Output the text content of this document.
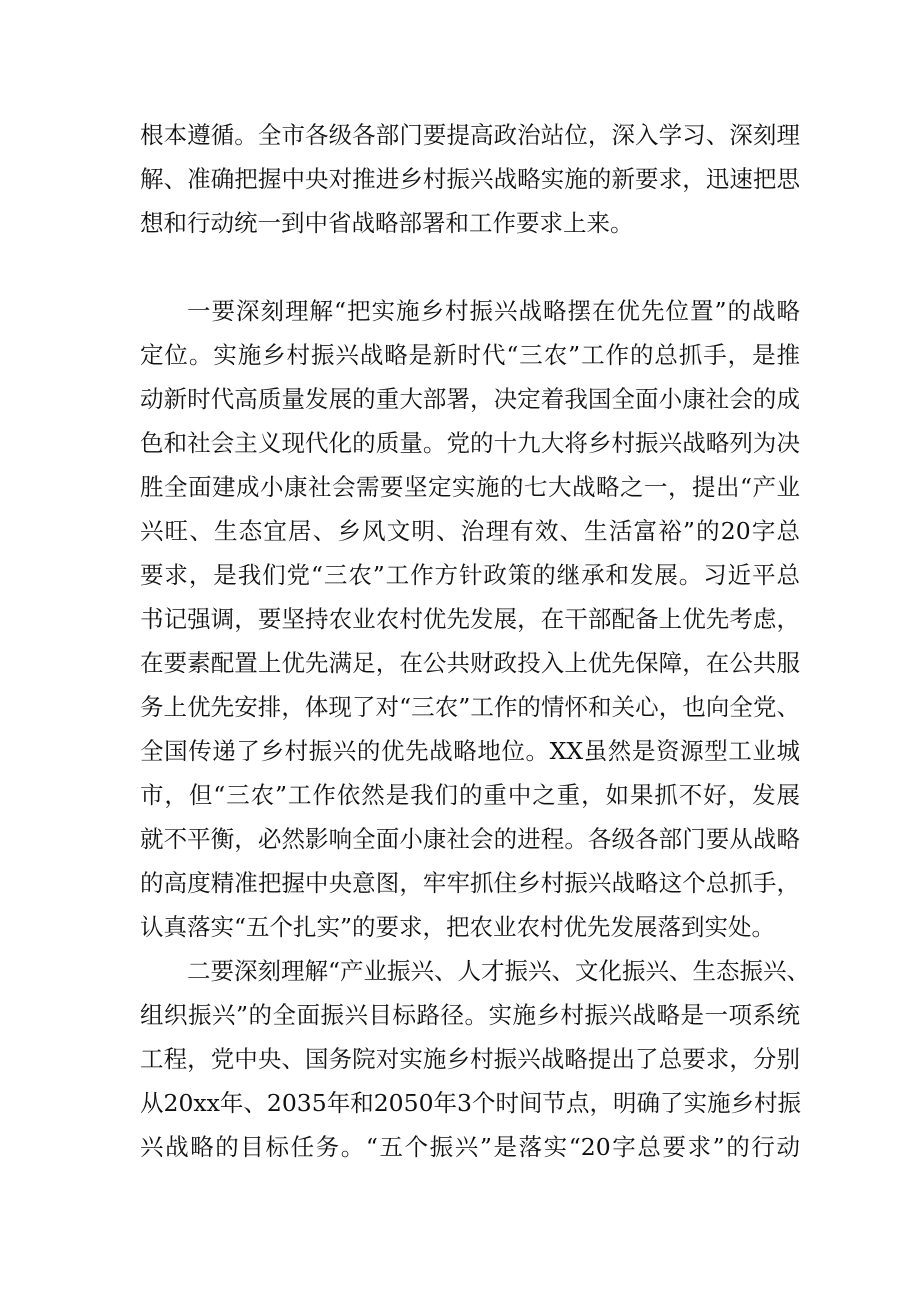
根本遵循。全市各级各部门要提高政治站位，深入学习、深刻理
解、准确把握中央对推进乡村振兴战略实施的新要求，迅速把思
想和行动统一到中省战略部署和工作要求上来。
一要深刻理解“把实施乡村振兴战略摆在优先位置”的战略
定位。实施乡村振兴战略是新时代“三农”工作的总抓手，是推
动新时代高质量发展的重大部署，决定着我国全面小康社会的成
色和社会主义现代化的质量。党的十九大将乡村振兴战略列为决
胜全面建成小康社会需要坚定实施的七大战略之一，提出“产业
兴旺、生态宜居、乡风文明、治理有效、生活富裕”的20字总
要求，是我们党“三农”工作方针政策的继承和发展。习近平总
书记强调，要坚持农业农村优先发展，在干部配备上优先考虑，
在要素配置上优先满足，在公共财政投入上优先保障，在公共服
务上优先安排，体现了对“三农”工作的情怀和关心，也向全党、
全国传递了乡村振兴的优先战略地位。XX虽然是资源型工业城
市，但“三农”工作依然是我们的重中之重，如果抓不好，发展
就不平衡，必然影响全面小康社会的进程。各级各部门要从战略
的高度精准把握中央意图，牢牢抓住乡村振兴战略这个总抓手，
认真落实“五个扎实”的要求，把农业农村优先发展落到实处。
二要深刻理解“产业振兴、人才振兴、文化振兴、生态振兴、
组织振兴”的全面振兴目标路径。实施乡村振兴战略是一项系统
工程，党中央、国务院对实施乡村振兴战略提出了总要求，分别
从20xx年、2035年和2050年3个时间节点，明确了实施乡村振
兴战略的目标任务。“五个振兴”是落实“20字总要求”的行动
